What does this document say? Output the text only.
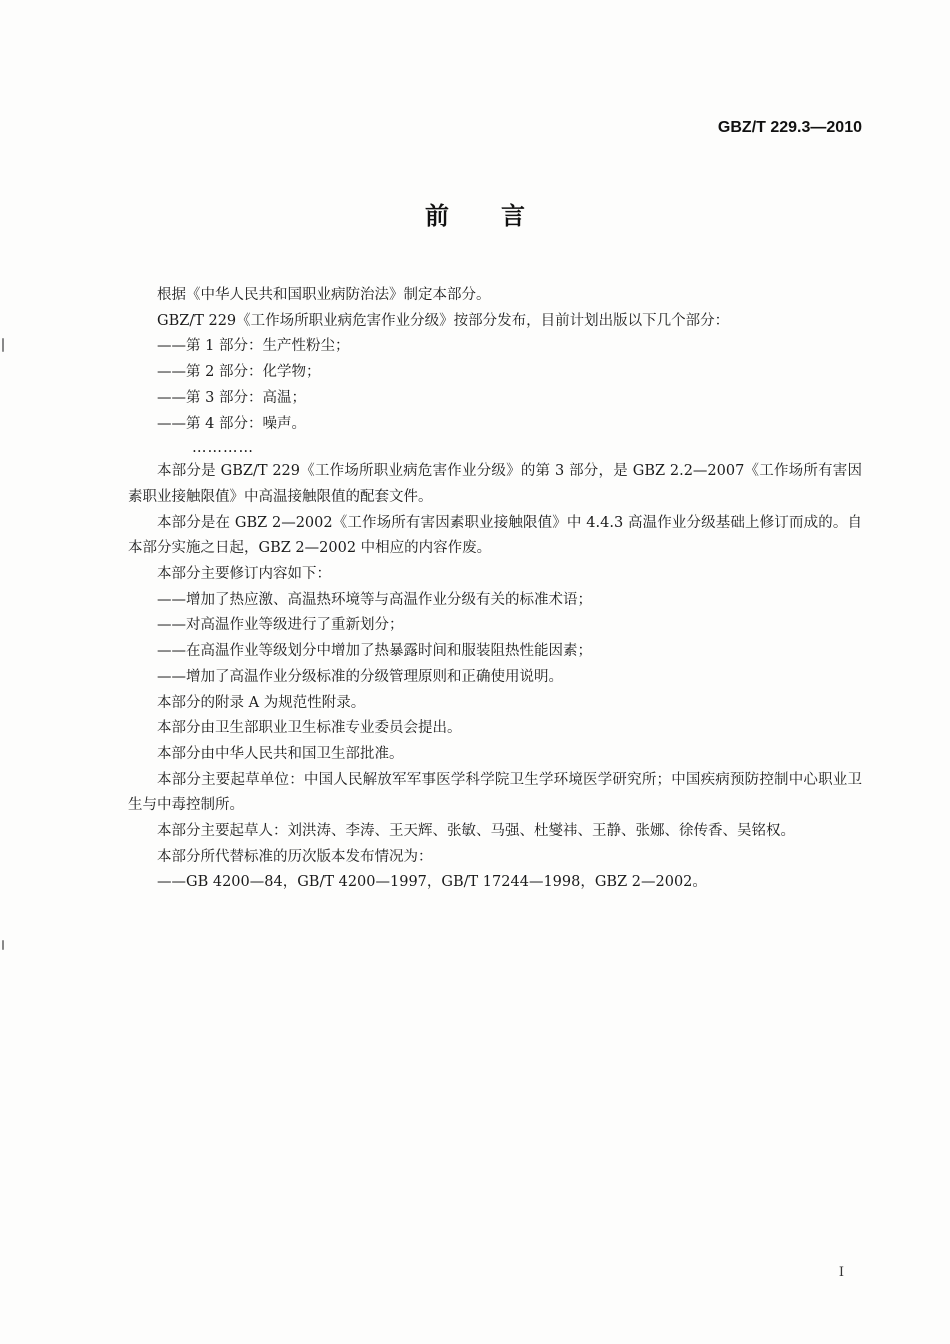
GBZ/T 229.3—2010
前言

根据《中华人民共和国职业病防治法》制定本部分。

GBZ/T 229《工作场所职业病危害作业分级》按部分发布，目前计划出版以下几个部分：

——第 1 部分：生产性粉尘；

——第 2 部分：化学物；

——第 3 部分：高温；

——第 4 部分：噪声。

…………

本部分是 GBZ/T 229《工作场所职业病危害作业分级》的第 3 部分，是 GBZ 2.2—2007《工作场所有害因素职业接触限值》中高温接触限值的配套文件。

本部分是在 GBZ 2—2002《工作场所有害因素职业接触限值》中 4.4.3 高温作业分级基础上修订而成的。自本部分实施之日起，GBZ 2—2002 中相应的内容作废。

本部分主要修订内容如下：

——增加了热应激、高温热环境等与高温作业分级有关的标准术语；

——对高温作业等级进行了重新划分；

——在高温作业等级划分中增加了热暴露时间和服装阻热性能因素；

——增加了高温作业分级标准的分级管理原则和正确使用说明。

本部分的附录 A 为规范性附录。

本部分由卫生部职业卫生标准专业委员会提出。

本部分由中华人民共和国卫生部批准。

本部分主要起草单位：中国人民解放军军事医学科学院卫生学环境医学研究所；中国疾病预防控制中心职业卫生与中毒控制所。

本部分主要起草人：刘洪涛、李涛、王天辉、张敏、马强、杜燮祎、王静、张娜、徐传香、吴铭权。

本部分所代替标准的历次版本发布情况为：

——GB 4200—84，GB/T 4200—1997，GB/T 17244—1998，GBZ 2—2002。

I
